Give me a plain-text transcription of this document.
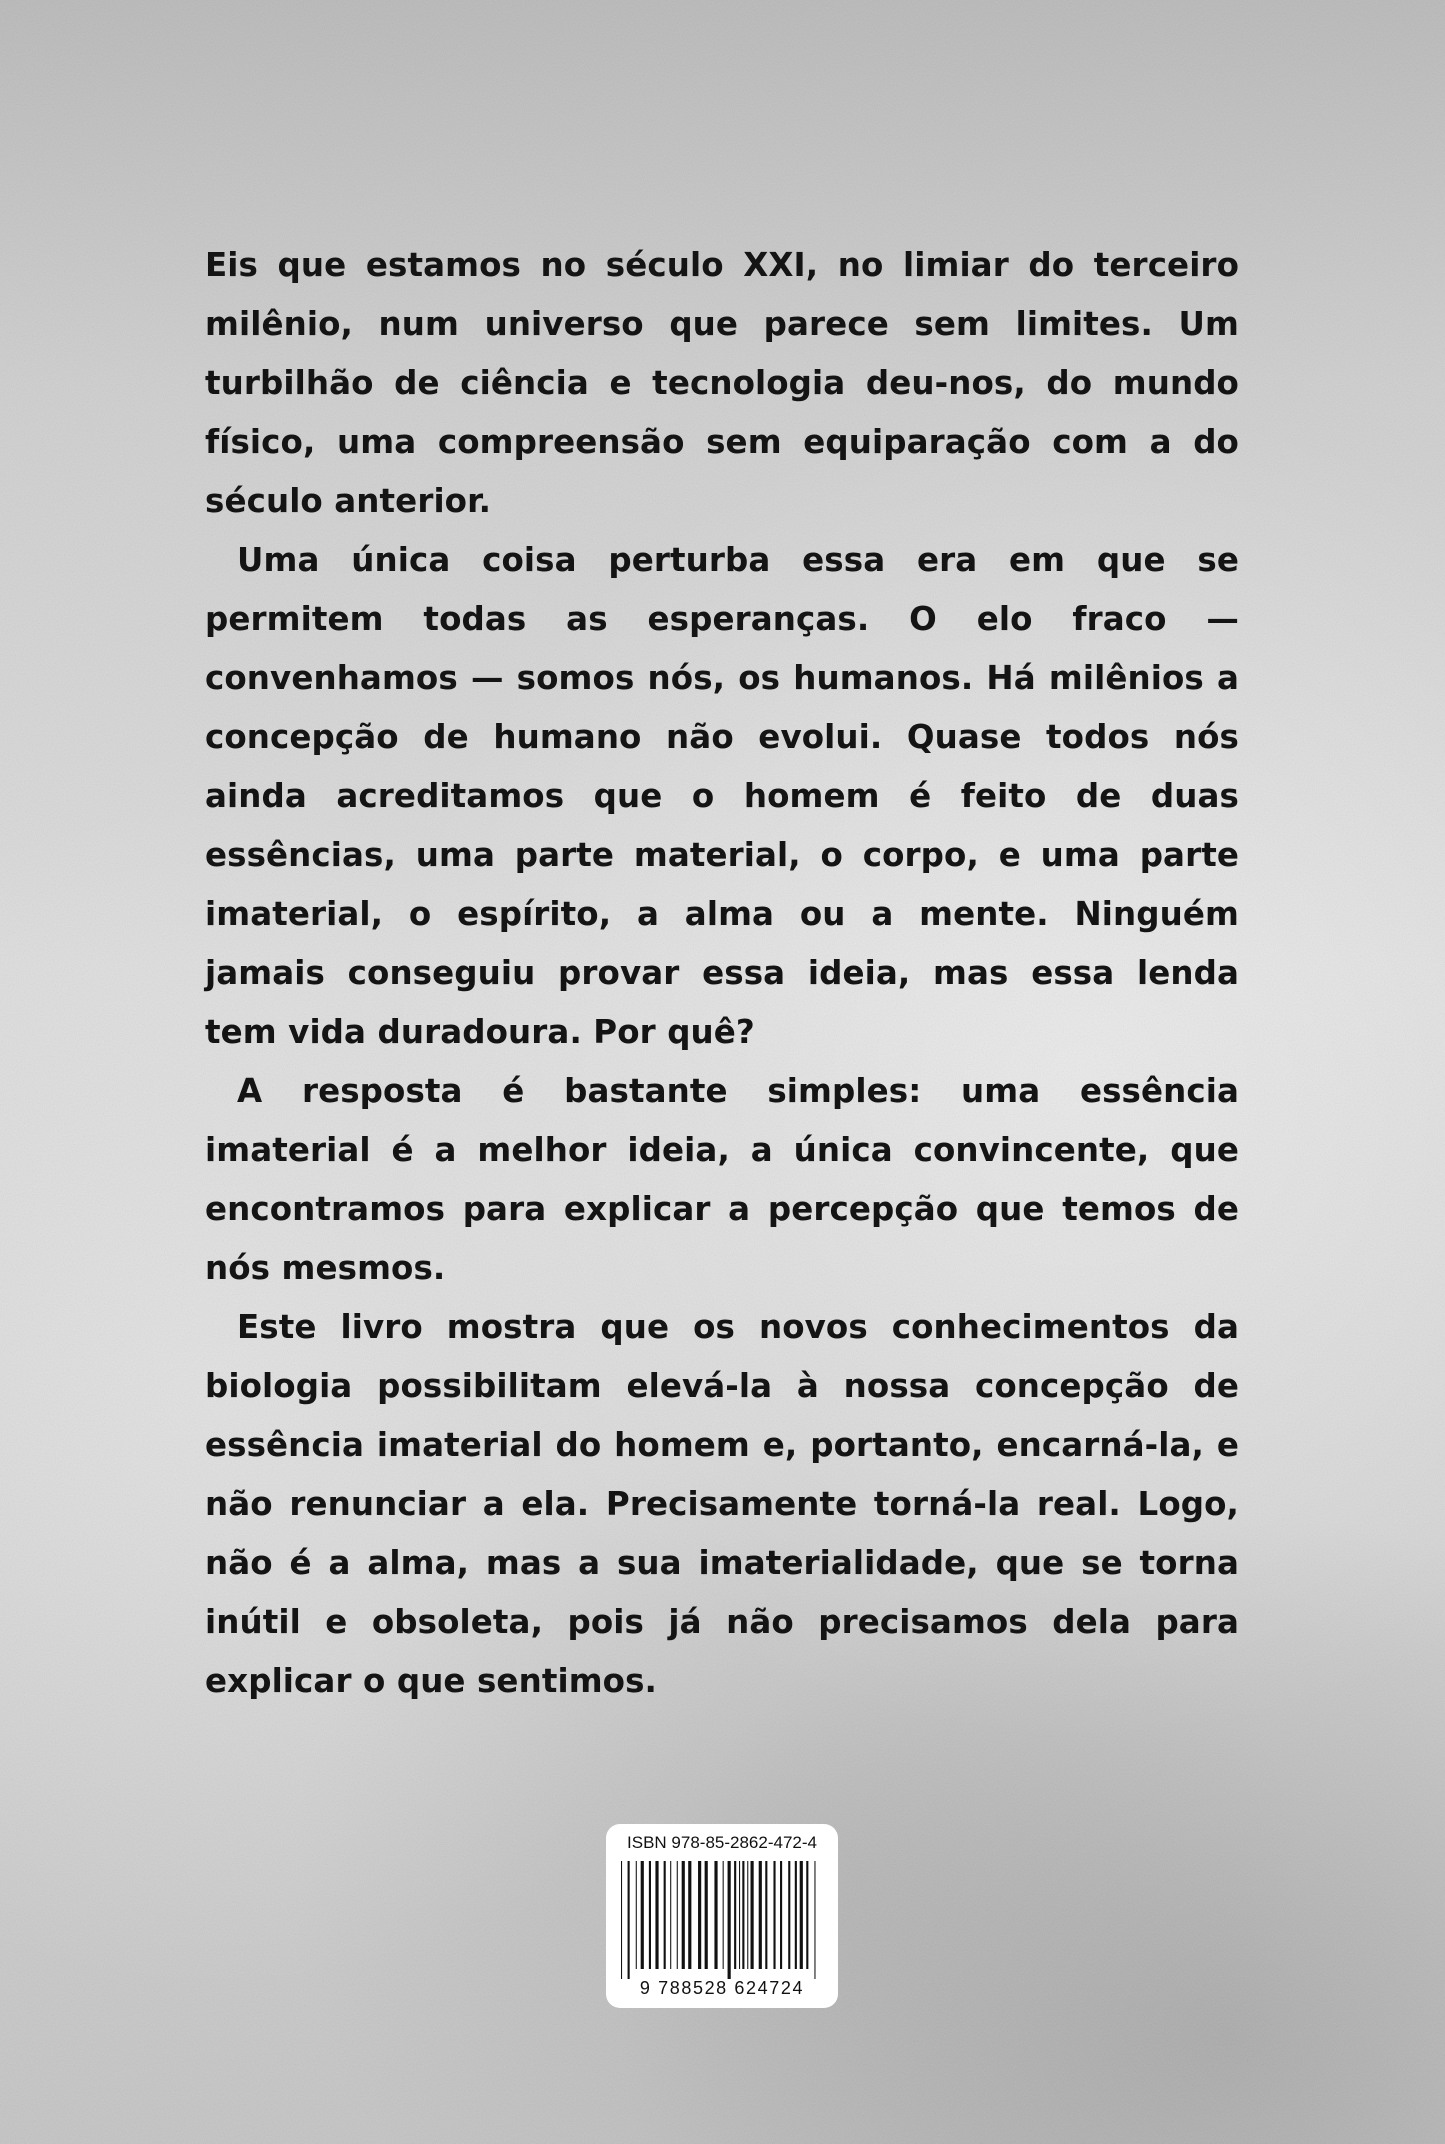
Eis que estamos no século XXI, no limiar do terceiro milênio, num universo que parece sem limites. Um turbilhão de ciência e tecnologia deu-nos, do mundo físico, uma compreensão sem equiparação com a do século anterior.

Uma única coisa perturba essa era em que se permitem todas as esperanças. O elo fraco — convenhamos — somos nós, os humanos. Há milênios a concepção de humano não evolui. Quase todos nós ainda acreditamos que o homem é feito de duas essências, uma parte material, o corpo, e uma parte imaterial, o espírito, a alma ou a mente. Ninguém jamais conseguiu provar essa ideia, mas essa lenda tem vida duradoura. Por quê?

A resposta é bastante simples: uma essência imaterial é a melhor ideia, a única convincente, que encontramos para explicar a percepção que temos de nós mesmos.

Este livro mostra que os novos conhecimentos da biologia possibilitam elevá-la à nossa concepção de essência imaterial do homem e, portanto, encarná-la, e não renunciar a ela. Precisamente torná-la real. Logo, não é a alma, mas a sua imaterialidade, que se torna inútil e obsoleta, pois já não precisamos dela para explicar o que sentimos.

ISBN 978-85-2862-472-4
9 788528 624724
